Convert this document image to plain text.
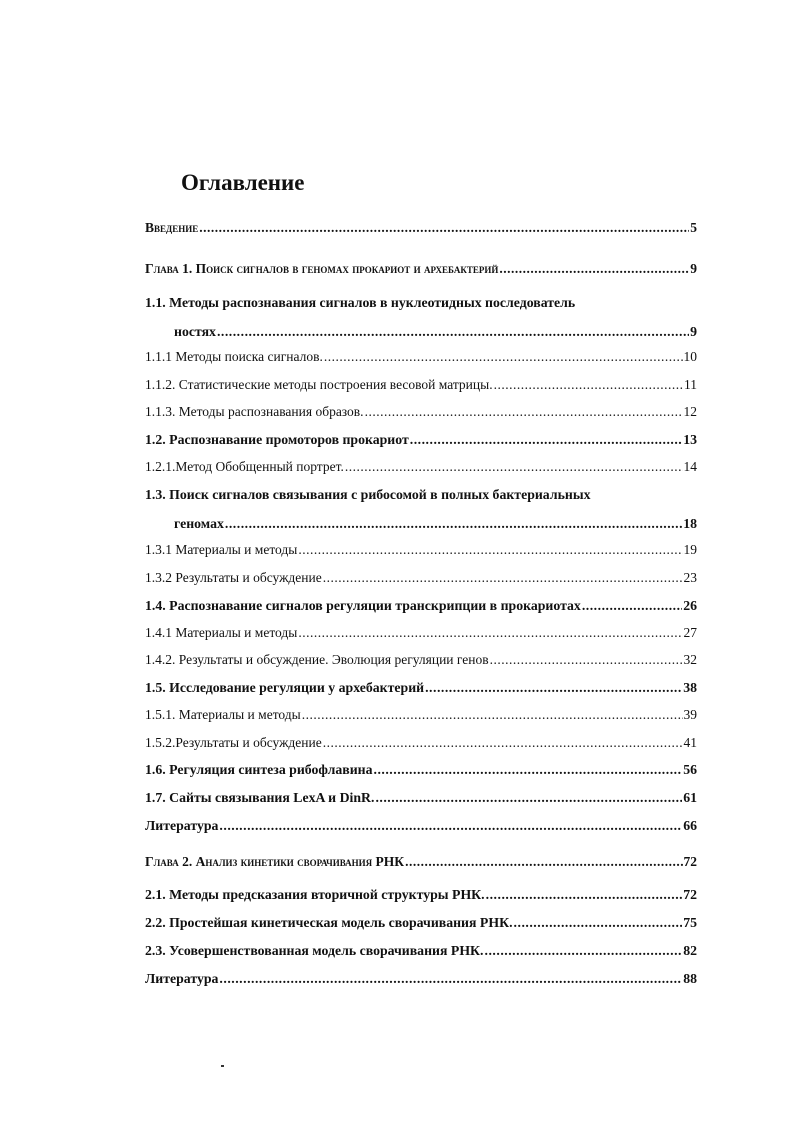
Оглавление
Введение .....	5
Глава 1. Поиск сигналов в геномах прокариот и архебактерий .....	9
1.1. Методы распознавания сигналов в нуклеотидных последователь
ностях .....	9
1.1.1 Методы поиска сигналов. .....	10
1.1.2. Статистические методы построения весовой матрицы. .....	11
1.1.3. Методы распознавания образов. .....	12
1.2. Распознавание промоторов прокариот .....	13
1.2.1.Метод Обобщенный портрет. .....	14
1.3. Поиск сигналов связывания с рибосомой в полных бактериальных
геномах .....	18
1.3.1 Материалы и методы .....	19
1.3.2 Результаты и обсуждение .....	23
1.4. Распознавание сигналов регуляции транскрипции в прокариотах .....	26
1.4.1 Материалы и методы .....	27
1.4.2. Результаты и обсуждение. Эволюция регуляции генов .....	32
1.5. Исследование регуляции у архебактерий .....	38
1.5.1. Материалы и методы .....	39
1.5.2.Результаты и обсуждение .....	41
1.6. Регуляция синтеза рибофлавина .....	56
1.7. Сайты связывания LexA и DinR. .....	61
Литература .....	66
Глава 2. Анализ кинетики сворачивания РНК .....	72
2.1. Методы предсказания вторичной структуры РНК. .....	72
2.2. Простейшая кинетическая модель сворачивания РНК. .....	75
2.3. Усовершенствованная модель сворачивания РНК. .....	82
Литература .....	88
